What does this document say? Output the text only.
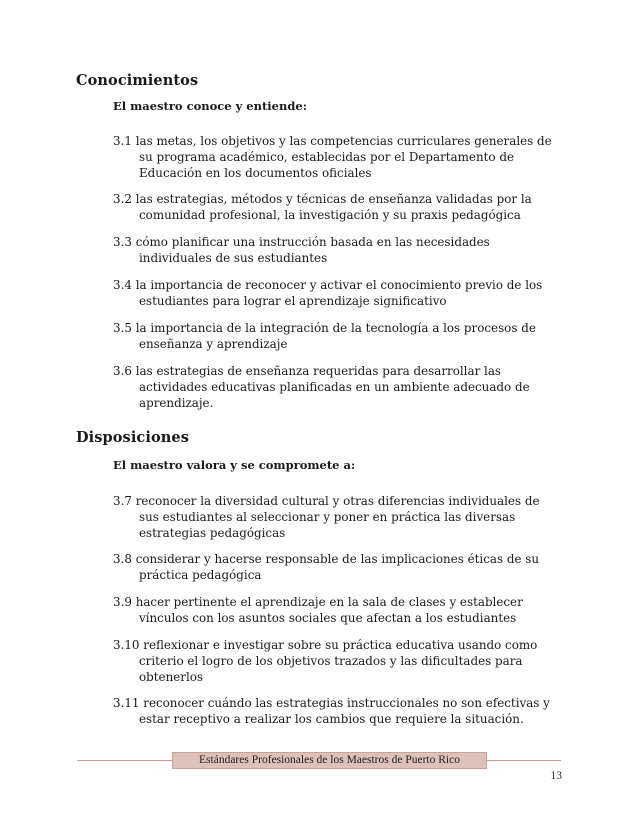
Conocimientos
El maestro conoce y entiende:
3.1 las metas, los objetivos y las competencias curriculares generales de
su programa académico, establecidas por el Departamento de
Educación en los documentos oficiales
3.2 las estrategias, métodos y técnicas de enseñanza validadas por la
comunidad profesional, la investigación y su praxis pedagógica
3.3 cómo planificar una instrucción basada en las necesidades
individuales de sus estudiantes
3.4 la importancia de reconocer y activar el conocimiento previo de los
estudiantes para lograr el aprendizaje significativo
3.5 la importancia de la integración de la tecnología a los procesos de
enseñanza y aprendizaje
3.6 las estrategias de enseñanza requeridas para desarrollar las
actividades educativas planificadas en un ambiente adecuado de
aprendizaje.
Disposiciones
El maestro valora y se compromete a:
3.7 reconocer la diversidad cultural y otras diferencias individuales de
sus estudiantes al seleccionar y poner en práctica las diversas
estrategias pedagógicas
3.8 considerar y hacerse responsable de las implicaciones éticas de su
práctica pedagógica
3.9 hacer pertinente el aprendizaje en la sala de clases y establecer
vínculos con los asuntos sociales que afectan a los estudiantes
3.10 reflexionar e investigar sobre su práctica educativa usando como
criterio el logro de los objetivos trazados y las dificultades para
obtenerlos
3.11 reconocer cuándo las estrategias instruccionales no son efectivas y
estar receptivo a realizar los cambios que requiere la situación.
Estándares Profesionales de los Maestros de Puerto Rico
13
